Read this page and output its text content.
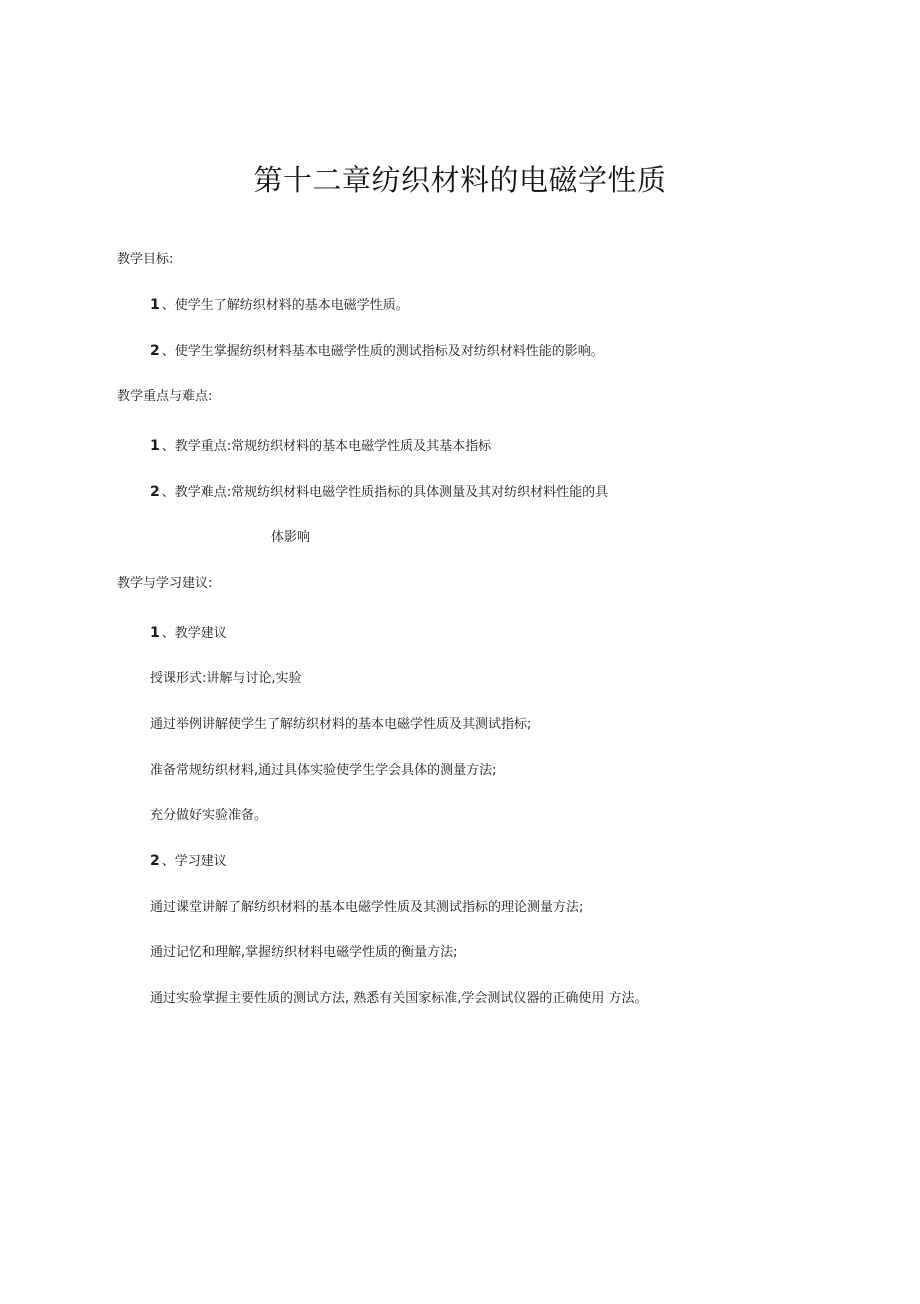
第十二章纺织材料的电磁学性质
教学目标:
1 、使学生了解纺织材料的基本电磁学性质。
2 、使学生掌握纺织材料基本电磁学性质的测试指标及对纺织材料性能的影响。
教学重点与难点:
1 、教学重点:常规纺织材料的基本电磁学性质及其基本指标
2 、教学难点:常规纺织材料电磁学性质指标的具体测量及其对纺织材料性能的具
体影响
教学与学习建议:
1 、教学建议
授课形式:讲解与讨论,实验
通过举例讲解使学生了解纺织材料的基本电磁学性质及其测试指标;
准备常规纺织材料,通过具体实验使学生学会具体的测量方法;
充分做好实验准备。
2 、学习建议
通过课堂讲解了解纺织材料的基本电磁学性质及其测试指标的理论测量方法;
通过记忆和理解,掌握纺织材料电磁学性质的衡量方法;
通过实验掌握主要性质的测试方法, 熟悉有关国家标准,学会测试仪器的正确使用 方法。
